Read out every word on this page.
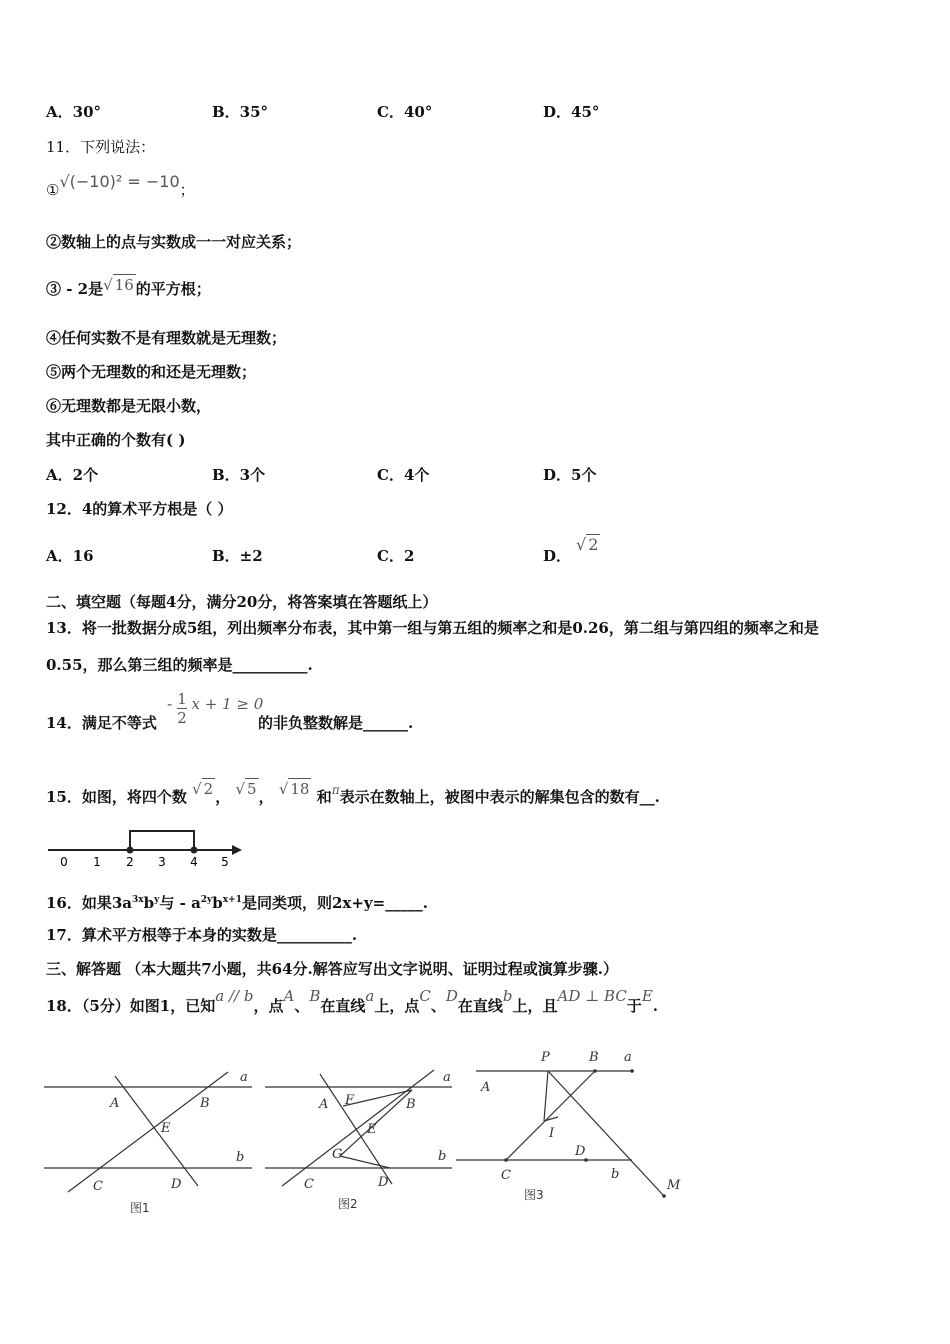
A．30°	B．35°	C．40°	D．45°
11．下列说法：
①√(−10)² = −10；
②数轴上的点与实数成一一对应关系；
③ - 2是√ 16 的平方根；
④任何实数不是有理数就是无理数；
⑤两个无理数的和还是无理数；
⑥无理数都是无限小数，
其中正确的个数有( )
A．2个	B．3个	C．4个	D．5个
12．4的算术平方根是（ ）
A．16	B．±2	C．2	D．
√ 2
二、填空题（每题4分，满分20分，将答案填在答题纸上）
13．将一批数据分成5组，列出频率分布表，其中第一组与第五组的频率之和是0.26，第二组与第四组的频率之和是
0.55，那么第三组的频率是__________.
14．满足不等式
- $\frac{1}{2}$ x + 1 ≥ 0
的非负整数解是______.
15．如图，将四个数 √ 2 ， √ 5 ， √ 18 和$^\pi$表示在数轴上，被图中表示的解集包含的数有__.
0 1 2 3 4 5
16．如果$3a^{3x}b^y$与 - $a^{2y}b^{x+1}$是同类项，则2x+y=_____.
17．算术平方根等于本身的实数是__________.
三、解答题 （本大题共7小题，共64分.解答应写出文字说明、证明过程或演算步骤.）
18．（5分）如图1，已知a // b，点A、B在直线a上，点C、D在直线b上，且AD ⊥ BC于E.
a
b
A	B
E
C	D
图1
a
b
A F	B
E
G
C	D
图2
P	B a
A
I
D
C	b
M
图3
